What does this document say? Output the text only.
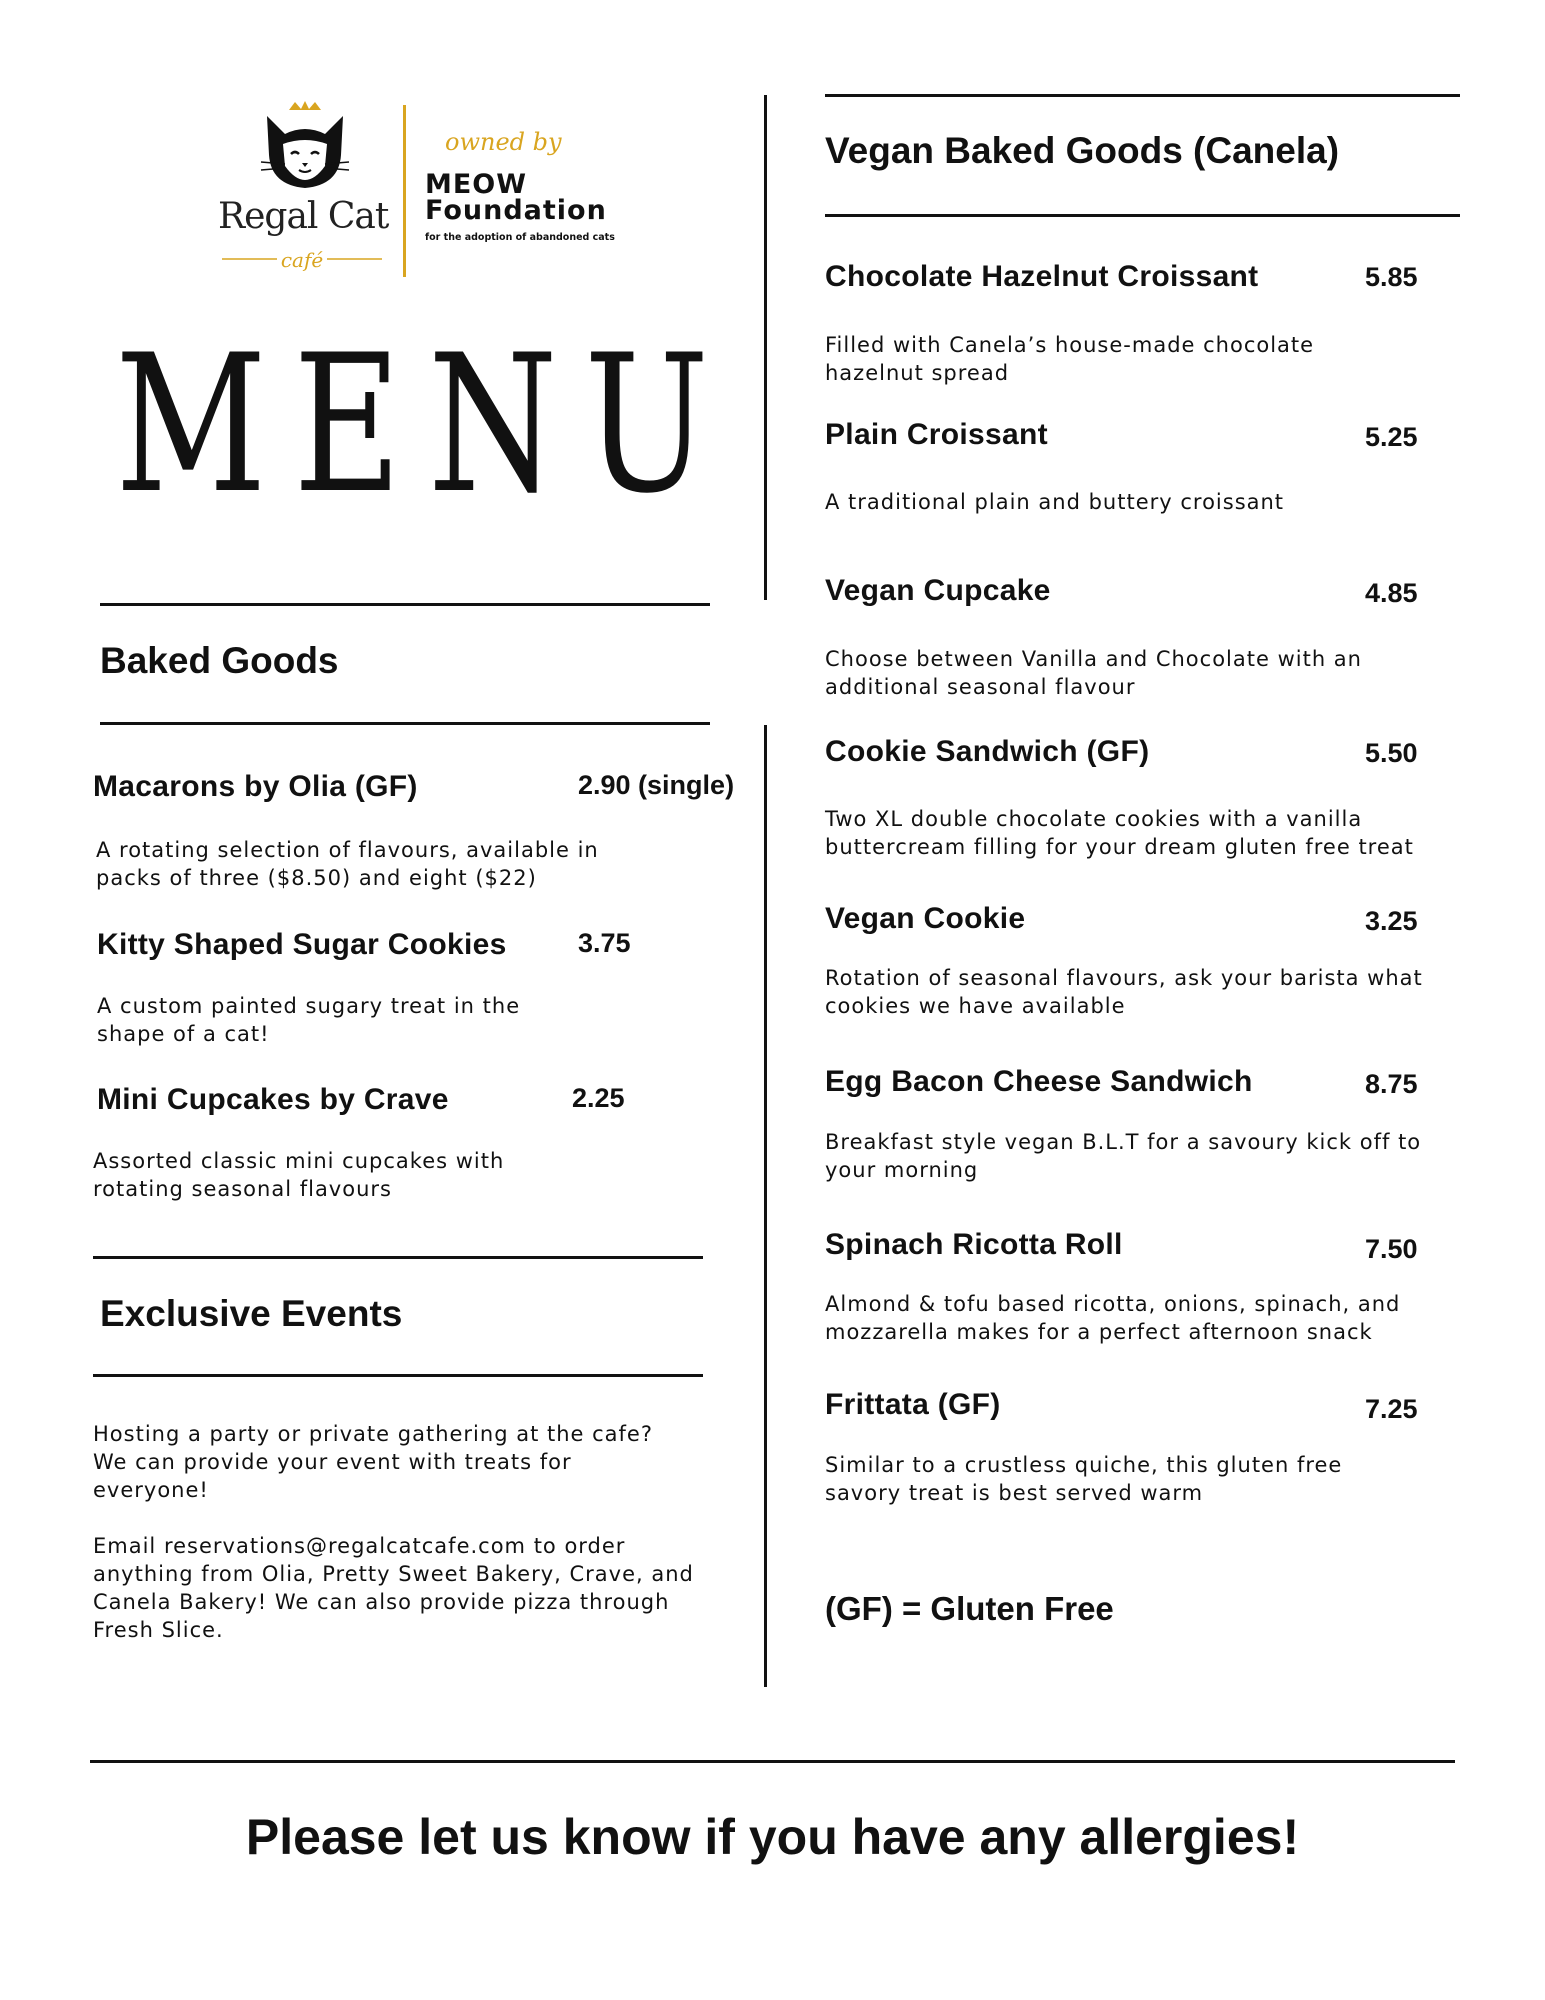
Regal Cat
café
owned by
MEOW Foundation
for the adoption of abandoned cats
MENU
Baked Goods
Macarons by Olia (GF)	2.90 (single)
A rotating selection of flavours, available in packs of three ($8.50) and eight ($22)
Kitty Shaped Sugar Cookies	3.75
A custom painted sugary treat in the shape of a cat!
Mini Cupcakes by Crave	2.25
Assorted classic mini cupcakes with rotating seasonal flavours
Exclusive Events
Hosting a party or private gathering at the cafe? We can provide your event with treats for everyone!
Email reservations@regalcatcafe.com to order anything from Olia, Pretty Sweet Bakery, Crave, and Canela Bakery! We can also provide pizza through Fresh Slice.
Vegan Baked Goods (Canela)
Chocolate Hazelnut Croissant	5.85
Filled with Canela’s house-made chocolate hazelnut spread
Plain Croissant	5.25
A traditional plain and buttery croissant
Vegan Cupcake	4.85
Choose between Vanilla and Chocolate with an additional seasonal flavour
Cookie Sandwich (GF)	5.50
Two XL double chocolate cookies with a vanilla buttercream filling for your dream gluten free treat
Vegan Cookie	3.25
Rotation of seasonal flavours, ask your barista what cookies we have available
Egg Bacon Cheese Sandwich	8.75
Breakfast style vegan B.L.T for a savoury kick off to your morning
Spinach Ricotta Roll	7.50
Almond & tofu based ricotta, onions, spinach, and mozzarella makes for a perfect afternoon snack
Frittata (GF)	7.25
Similar to a crustless quiche, this gluten free savory treat is best served warm
(GF) = Gluten Free
Please let us know if you have any allergies!
